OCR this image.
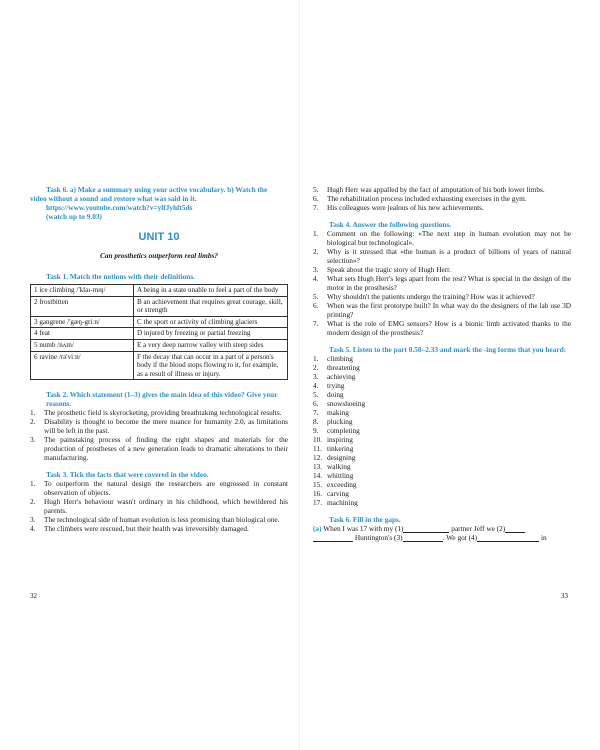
Task 6. a) Make a summary using your active vocabulary. b) Watch the
video without a sound and restore what was said in it.
https://www.youtube.com/watch?v=ylfJyhft5ds
(watch up to 9.03)
UNIT 10
Can prosthetics outperform real limbs?
Task 1. Match the notions with their definitions.
1 ice climbing /'klaɪ-mɪŋ/	A being in a state unable to feel a part of the body
2 frostbitten	B an achievement that requires great courage, skill, or strength
3 gangrene /'gæŋ-griːn/	C the sport or activity of climbing glaciers
4 feat	D injured by freezing or partial freezing
5 numb /nʌm/	E a very deep narrow valley with steep sides
6 ravine /rə'viːn/	F the decay that can occur in a part of a person's body if the blood stops flowing to it, for example, as a result of illness or injury.
Task 2. Which statement (1–3) gives the main idea of this video? Give your reasons.
1.	The prosthetic field is skyrocketing, providing breathtaking technological results.
2.	Disability is thought to become the mere nuance for humanity 2.0, as limitations will be left in the past.
3.	The painstaking process of finding the right shapes and materials for the production of prostheses of a new generation leads to dramatic alterations to their manufacturing.
Task 3. Tick the facts that were covered in the video.
1.	To outperform the natural design the researchers are engrossed in constant observation of objects.
2.	Hugh Herr's behaviour wasn't ordinary in his childhood, which bewildered his parents.
3.	The technological side of human evolution is less promising than biological one.
4.	The climbers were rescued, but their health was irreversibly damaged.
32
5.	Hugh Herr was appalled by the fact of amputation of his both lower limbs.
6.	The rehabilitation process included exhausting exercises in the gym.
7.	His colleagues were jealous of his new achievements.
Task 4. Answer the following questions.
1.	Comment on the following: «The next step in human evolution may not be biological but technological».
2.	Why is it stressed that «the human is a product of billions of years of natural selection»?
3.	Speak about the tragic story of Hugh Herr.
4.	What sets Hugh Herr's legs apart from the rest? What is special in the design of the motor in the prosthesis?
5.	Why shouldn't the patients undergo the training? How was it achieved?
6.	When was the first prototype built? In what way do the designers of the lab use 3D printing?
7.	What is the role of EMG sensors? How is a bionic limb activated thanks to the modern design of the prosthesis?
Task 5. Listen to the part 0.50–2.33 and mark the -ing forms that you heard:
1.	climbing
2.	threatening
3.	achieving
4.	trying
5.	doing
6.	snowshoeing
7.	making
8.	plucking
9.	completing
10. inspiring
11. tinkering
12. designing
13. walking
14. whittling
15. exceeding
16. carving
17. machining
Task 6. Fill in the gaps.
(a) When I was 17 with my (1)	partner Jeff we (2)
Huntington's (3)	. We got (4)	in
33
